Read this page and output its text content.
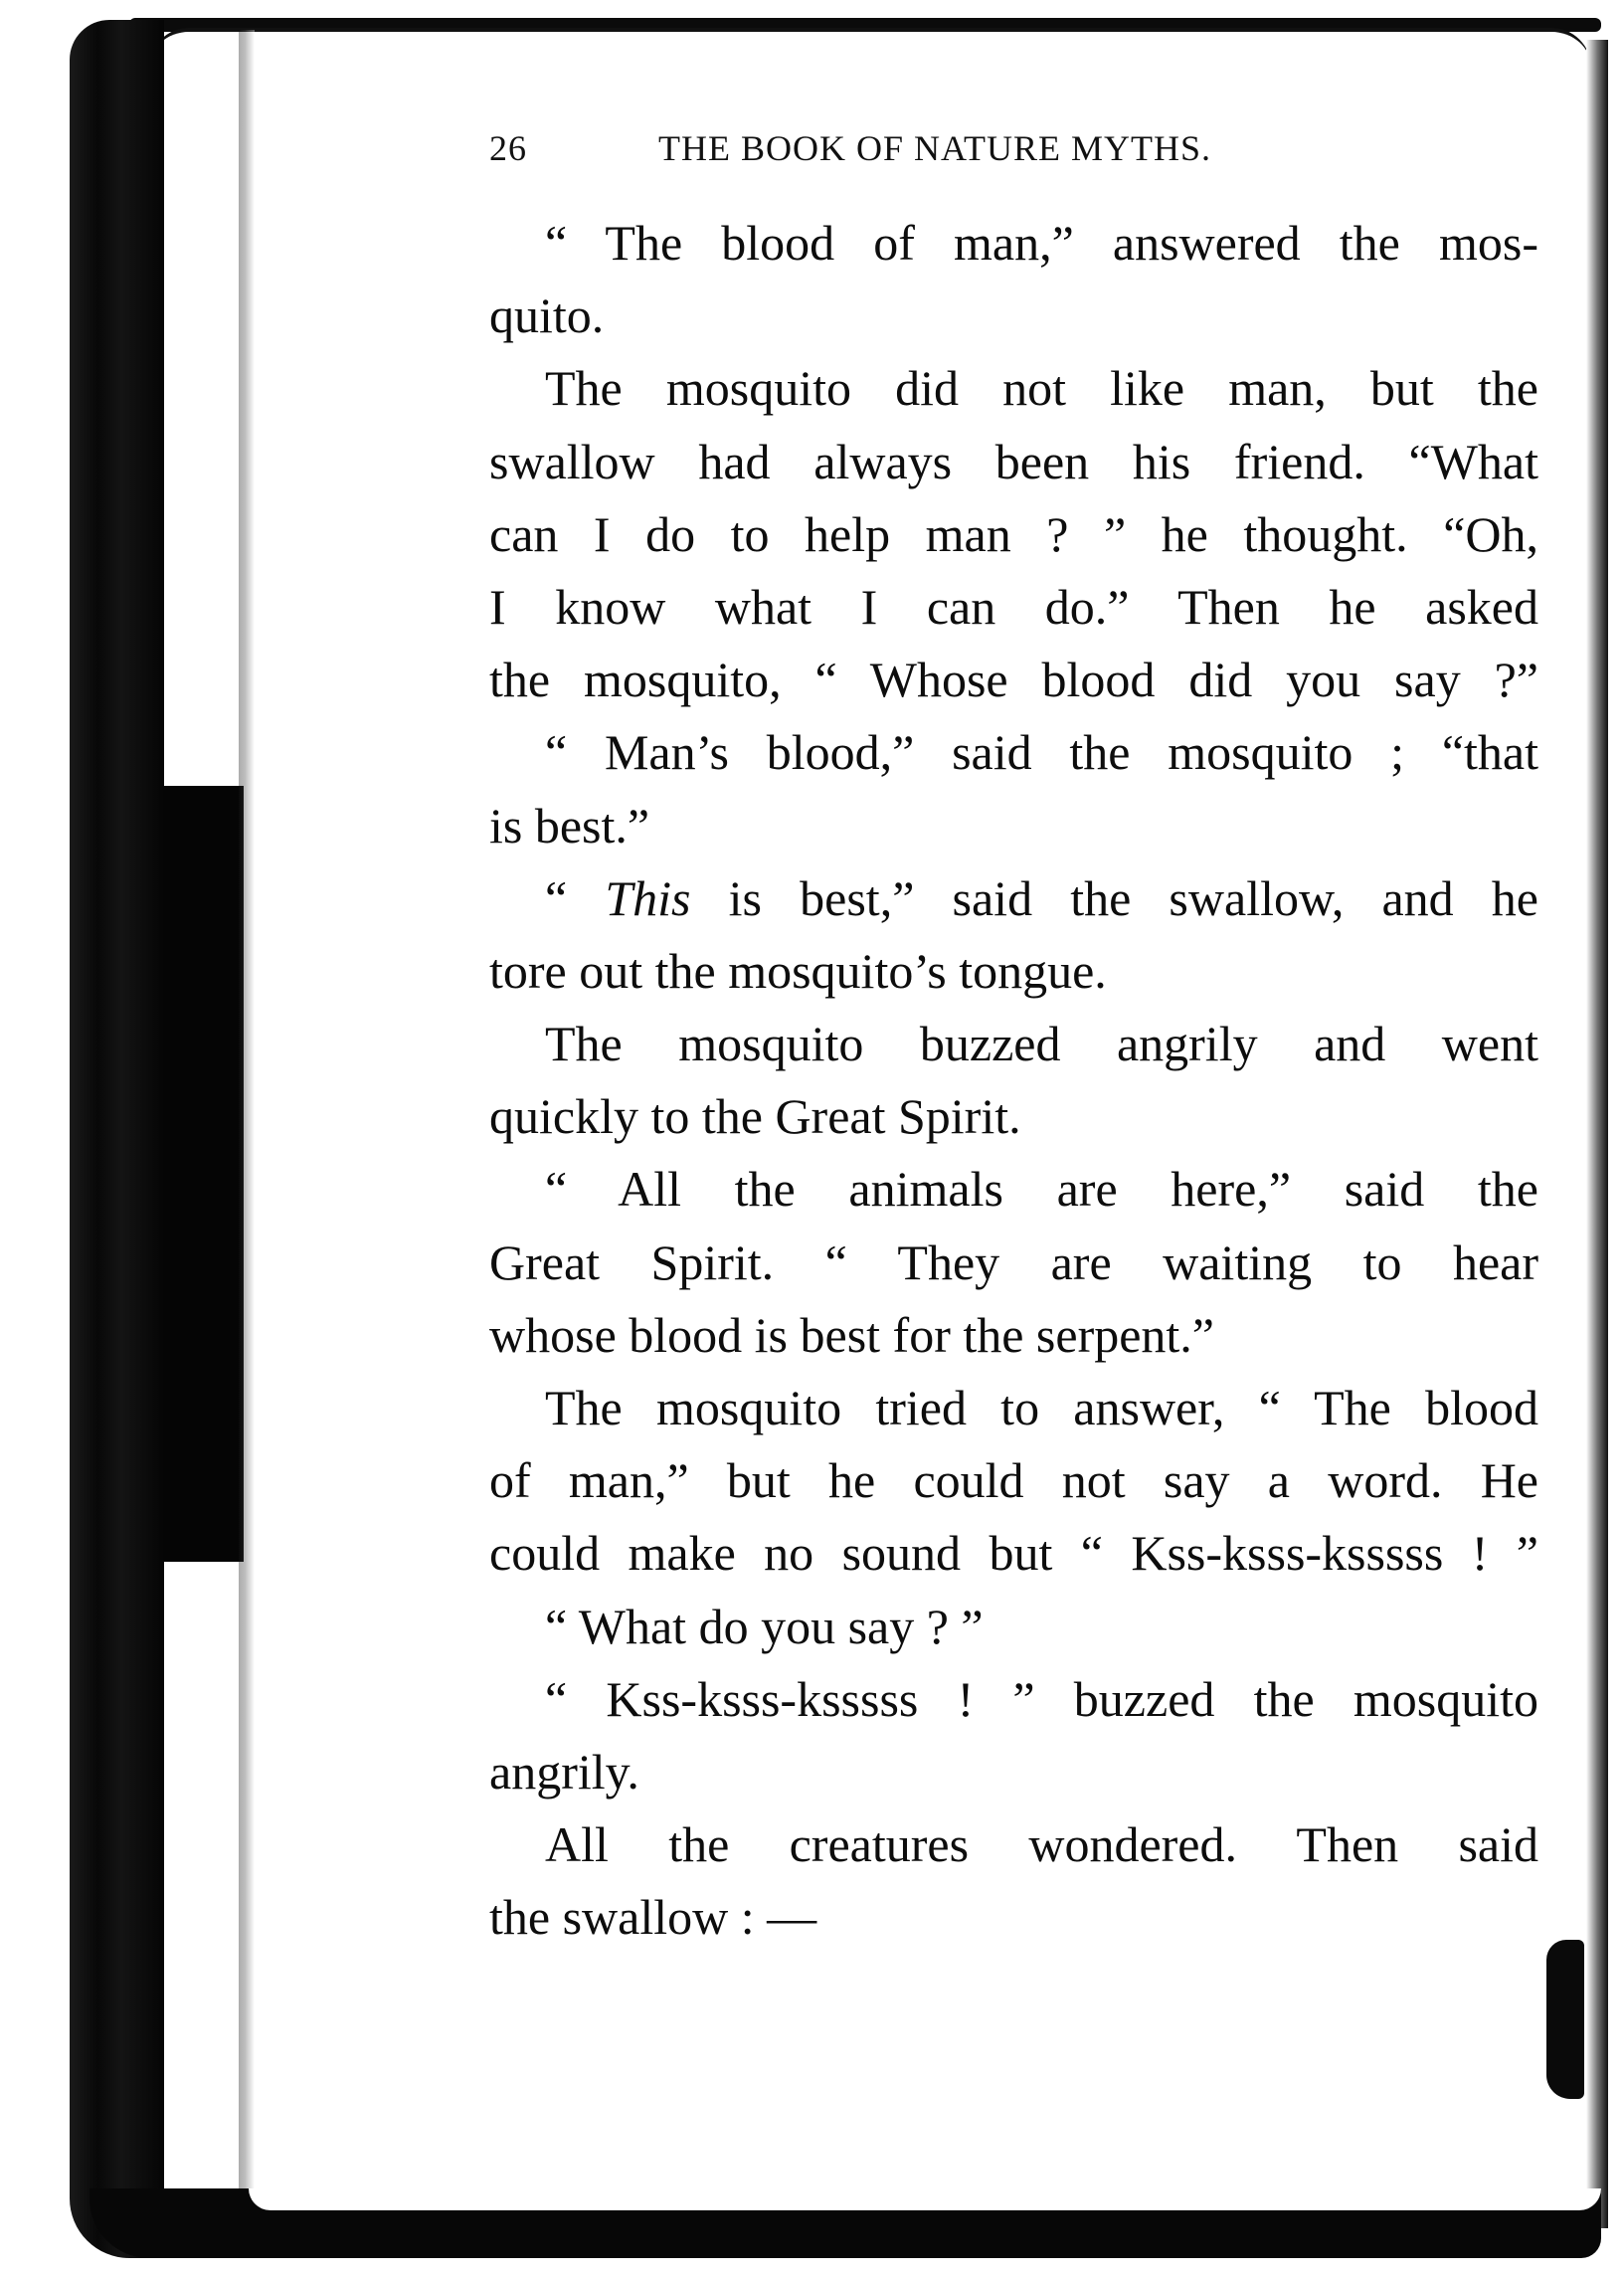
26	THE BOOK OF NATURE MYTHS.
“ The blood of man,” answered the mos-
quito.
The mosquito did not like man, but the
swallow had always been his friend. “What
can I do to help man ? ” he thought. “Oh,
I know what I can do.” Then he asked
the mosquito, “ Whose blood did you say ?”
“ Man’s blood,” said the mosquito ; “that
is best.”
“ This is best,” said the swallow, and he
tore out the mosquito’s tongue.
The mosquito buzzed angrily and went
quickly to the Great Spirit.
“ All the animals are here,” said the
Great Spirit. “ They are waiting to hear
whose blood is best for the serpent.”
The mosquito tried to answer, “ The blood
of man,” but he could not say a word. He
could make no sound but “ Kss-ksss-ksssss ! ”
“ What do you say ? ”
“ Kss-ksss-ksssss ! ” buzzed the mosquito
angrily.
All the creatures wondered. Then said
the swallow : —
